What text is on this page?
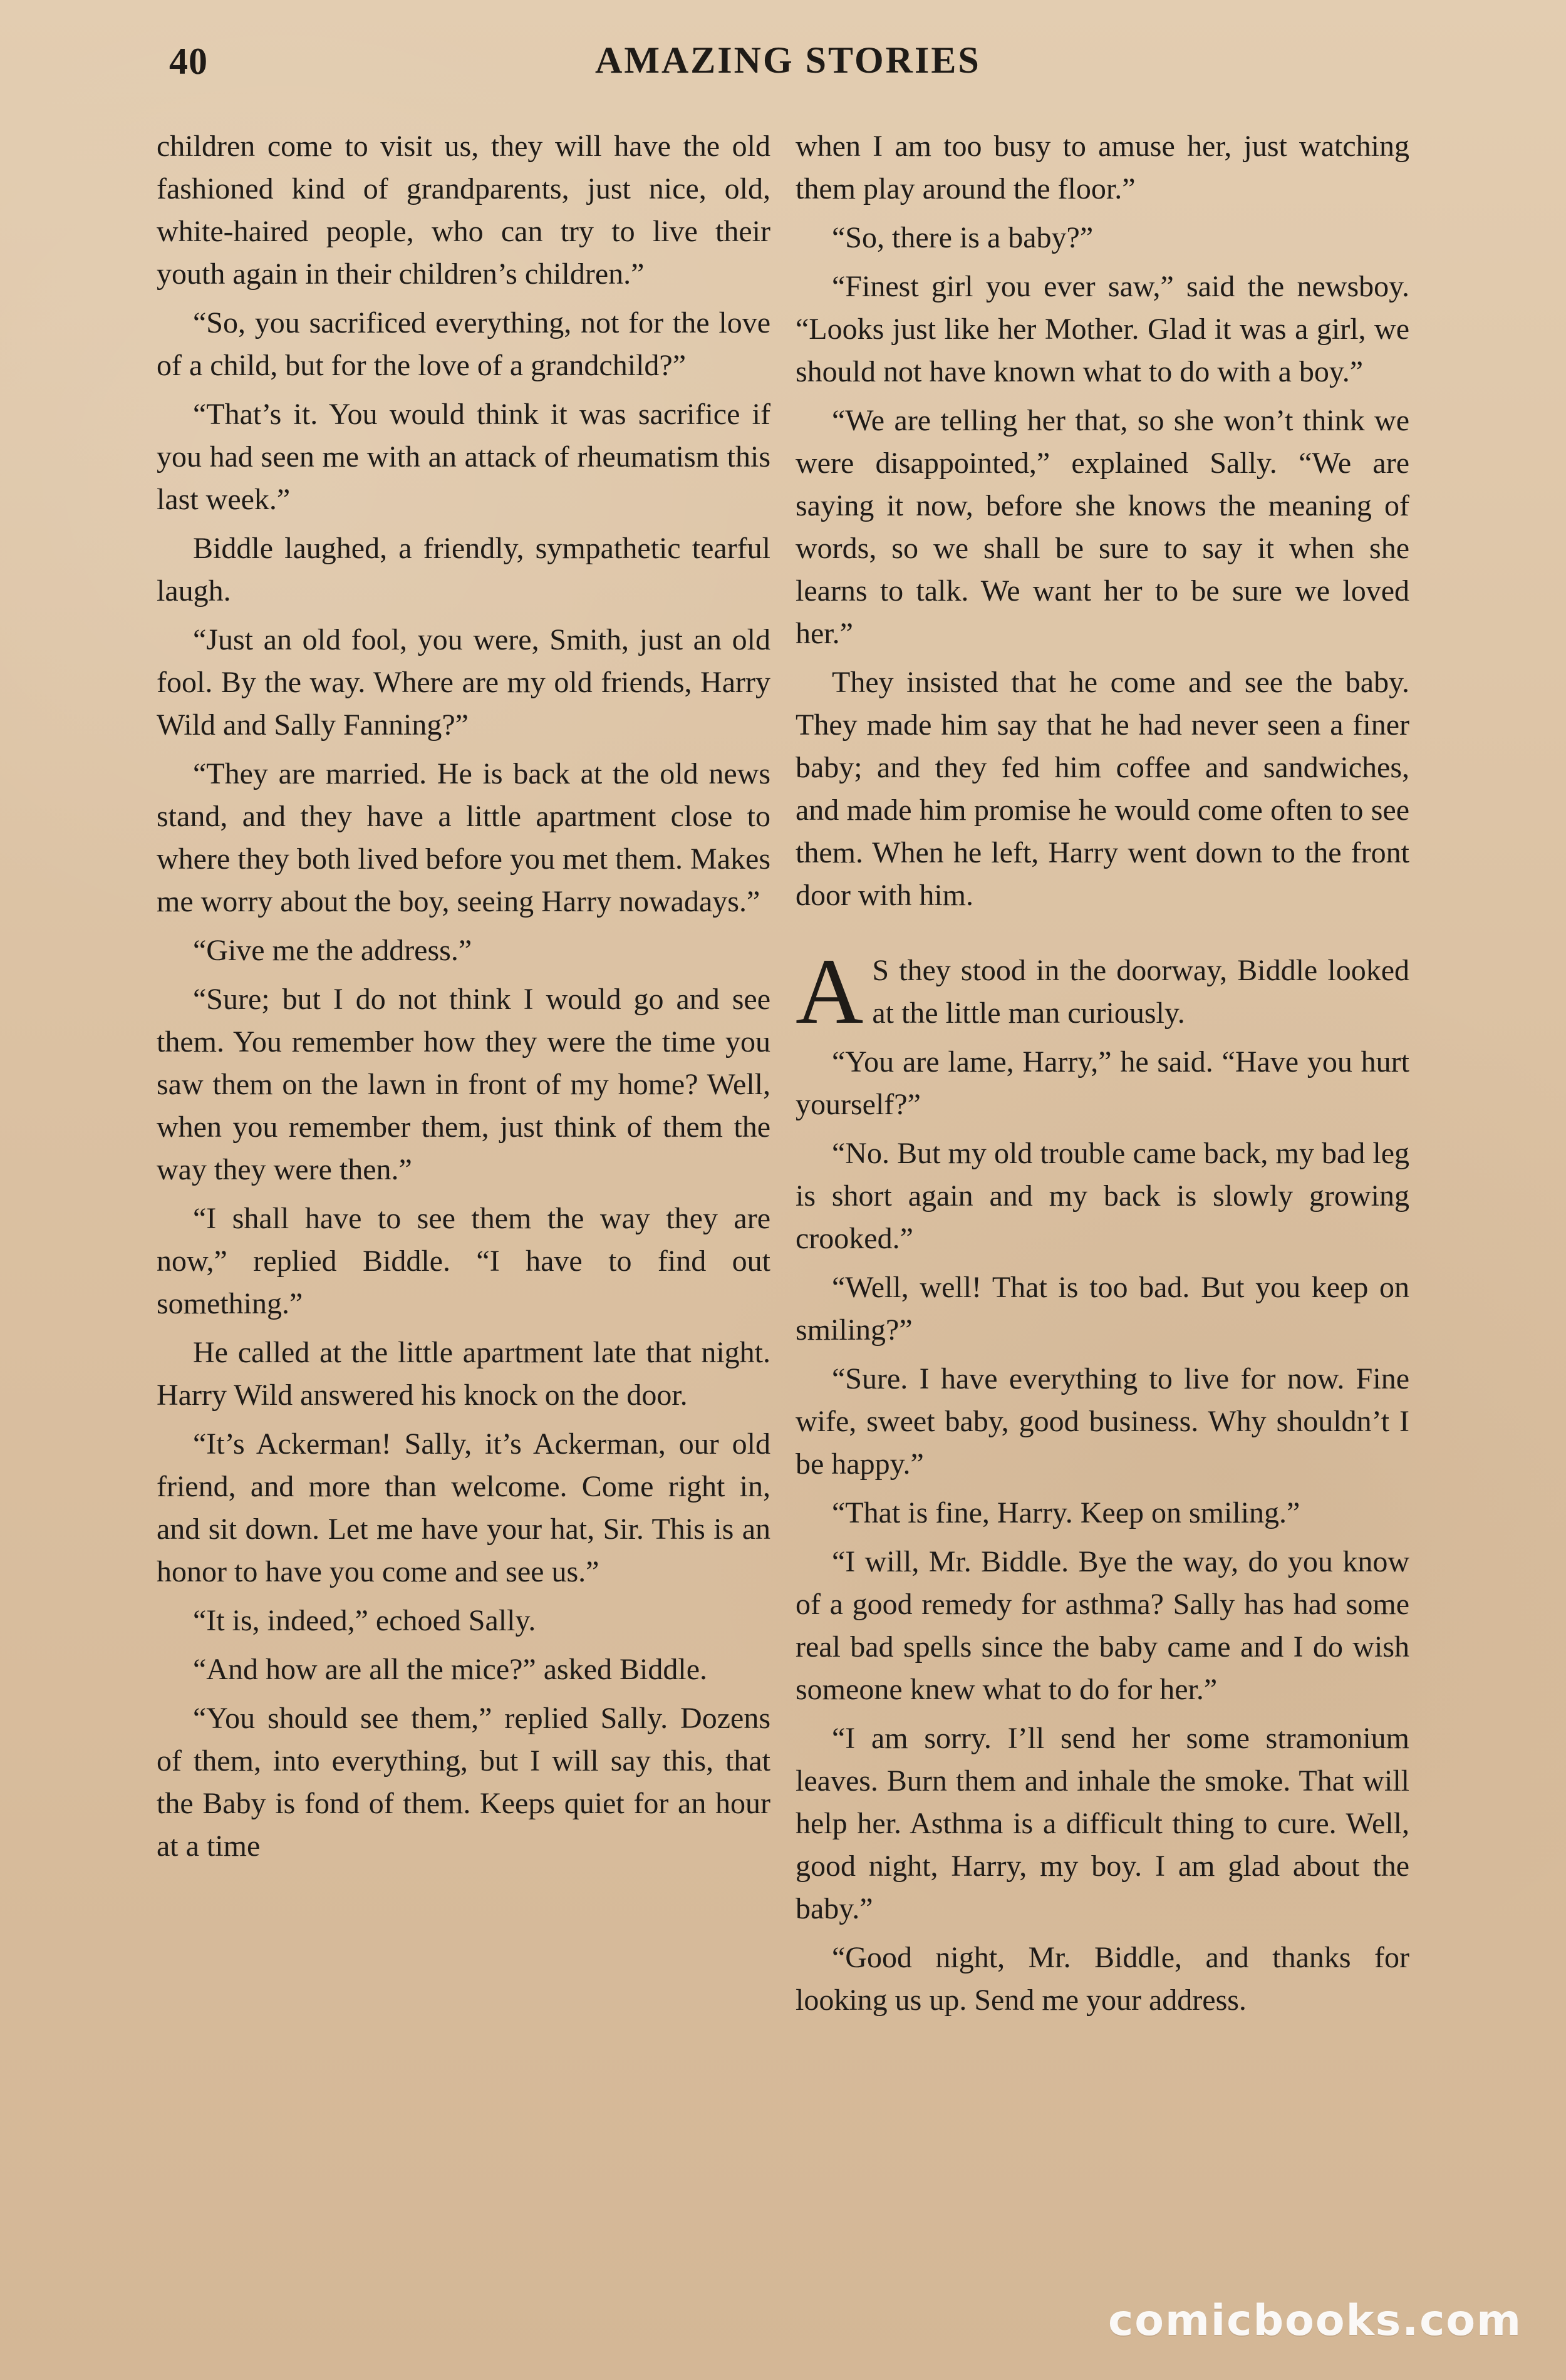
40	AMAZING STORIES

children come to visit us, they will have the old fashioned kind of grandparents, just nice, old, white-haired people, who can try to live their youth again in their children’s children.”

“So, you sacrificed everything, not for the love of a child, but for the love of a grandchild?”

“That’s it. You would think it was sacrifice if you had seen me with an attack of rheumatism this last week.”

Biddle laughed, a friendly, sympathetic tearful laugh.

“Just an old fool, you were, Smith, just an old fool. By the way. Where are my old friends, Harry Wild and Sally Fanning?”

“They are married. He is back at the old news stand, and they have a little apartment close to where they both lived before you met them. Makes me worry about the boy, seeing Harry nowadays.”

“Give me the address.”

“Sure; but I do not think I would go and see them. You remember how they were the time you saw them on the lawn in front of my home? Well, when you remember them, just think of them the way they were then.”

“I shall have to see them the way they are now,” replied Biddle. “I have to find out something.”

He called at the little apartment late that night. Harry Wild answered his knock on the door.

“It’s Ackerman! Sally, it’s Ackerman, our old friend, and more than welcome. Come right in, and sit down. Let me have your hat, Sir. This is an honor to have you come and see us.”

“It is, indeed,” echoed Sally.

“And how are all the mice?” asked Biddle.

“You should see them,” replied Sally. Dozens of them, into everything, but I will say this, that the Baby is fond of them. Keeps quiet for an hour at a time

when I am too busy to amuse her, just watching them play around the floor.”

“So, there is a baby?”

“Finest girl you ever saw,” said the newsboy. “Looks just like her Mother. Glad it was a girl, we should not have known what to do with a boy.”

“We are telling her that, so she won’t think we were disappointed,” explained Sally. “We are saying it now, before she knows the meaning of words, so we shall be sure to say it when she learns to talk. We want her to be sure we loved her.”

They insisted that he come and see the baby. They made him say that he had never seen a finer baby; and they fed him coffee and sandwiches, and made him promise he would come often to see them. When he left, Harry went down to the front door with him.

A S they stood in the doorway, Biddle looked at the little man curiously.

“You are lame, Harry,” he said. “Have you hurt yourself?”

“No. But my old trouble came back, my bad leg is short again and my back is slowly growing crooked.”

“Well, well! That is too bad. But you keep on smiling?”

“Sure. I have everything to live for now. Fine wife, sweet baby, good business. Why shouldn’t I be happy.”

“That is fine, Harry. Keep on smiling.”

“I will, Mr. Biddle. Bye the way, do you know of a good remedy for asthma? Sally has had some real bad spells since the baby came and I do wish someone knew what to do for her.”

“I am sorry. I’ll send her some stramonium leaves. Burn them and inhale the smoke. That will help her. Asthma is a difficult thing to cure. Well, good night, Harry, my boy. I am glad about the baby.”

“Good night, Mr. Biddle, and thanks for looking us up. Send me your address.

comicbooks.com
